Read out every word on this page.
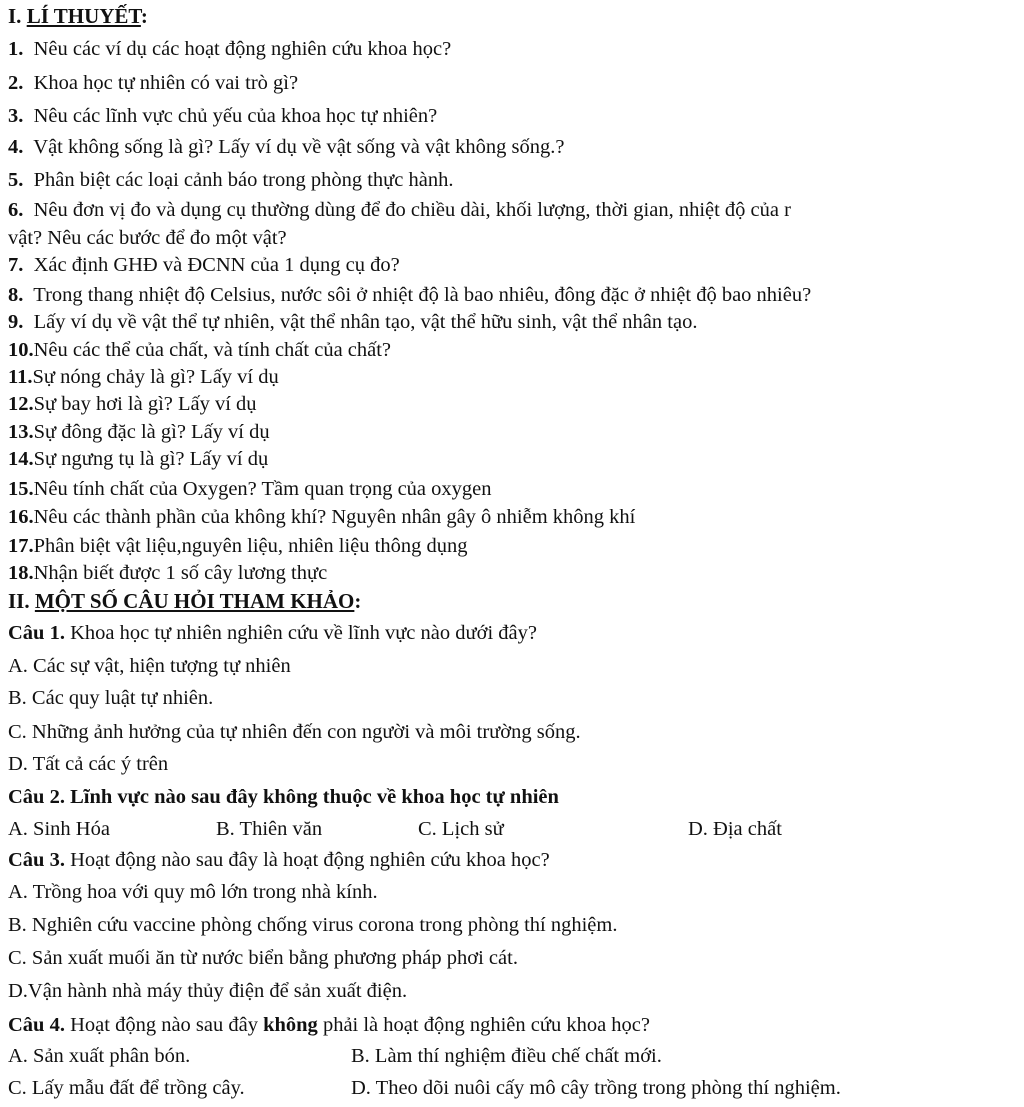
I. LÍ THUYẾT:
1. Nêu các ví dụ các hoạt động nghiên cứu khoa học?
2. Khoa học tự nhiên có vai trò gì?
3. Nêu các lĩnh vực chủ yếu của khoa học tự nhiên?
4. Vật không sống là gì? Lấy ví dụ về vật sống và vật không sống.?
5. Phân biệt các loại cảnh báo trong phòng thực hành.
6. Nêu đơn vị đo và dụng cụ thường dùng để đo chiều dài, khối lượng, thời gian, nhiệt độ của r
vật? Nêu các bước để đo một vật?
7. Xác định GHĐ và ĐCNN của 1 dụng cụ đo?
8. Trong thang nhiệt độ Celsius, nước sôi ở nhiệt độ là bao nhiêu, đông đặc ở nhiệt độ bao nhiêu?
9. Lấy ví dụ về vật thể tự nhiên, vật thể nhân tạo, vật thể hữu sinh, vật thể nhân tạo.
10.Nêu các thể của chất, và tính chất của chất?
11.Sự nóng chảy là gì? Lấy ví dụ
12.Sự bay hơi là gì? Lấy ví dụ
13.Sự đông đặc là gì? Lấy ví dụ
14.Sự ngưng tụ là gì? Lấy ví dụ
15.Nêu tính chất của Oxygen? Tầm quan trọng của oxygen
16.Nêu các thành phần của không khí? Nguyên nhân gây ô nhiễm không khí
17.Phân biệt vật liệu,nguyên liệu, nhiên liệu thông dụng
18.Nhận biết được 1 số cây lương thực
II. MỘT SỐ CÂU HỎI THAM KHẢO:
Câu 1. Khoa học tự nhiên nghiên cứu về lĩnh vực nào dưới đây?
A. Các sự vật, hiện tượng tự nhiên
B. Các quy luật tự nhiên.
C. Những ảnh hưởng của tự nhiên đến con người và môi trường sống.
D. Tất cả các ý trên
Câu 2. Lĩnh vực nào sau đây không thuộc về khoa học tự nhiên
A. Sinh Hóa	B. Thiên văn	C. Lịch sử	D. Địa chất
Câu 3. Hoạt động nào sau đây là hoạt động nghiên cứu khoa học?
A. Trồng hoa với quy mô lớn trong nhà kính.
B. Nghiên cứu vaccine phòng chống virus corona trong phòng thí nghiệm.
C. Sản xuất muối ăn từ nước biển bằng phương pháp phơi cát.
D.Vận hành nhà máy thủy điện để sản xuất điện.
Câu 4. Hoạt động nào sau đây không phải là hoạt động nghiên cứu khoa học?
A. Sản xuất phân bón.	B. Làm thí nghiệm điều chế chất mới.
C. Lấy mẫu đất để trồng cây.	D. Theo dõi nuôi cấy mô cây trồng trong phòng thí nghiệm.
